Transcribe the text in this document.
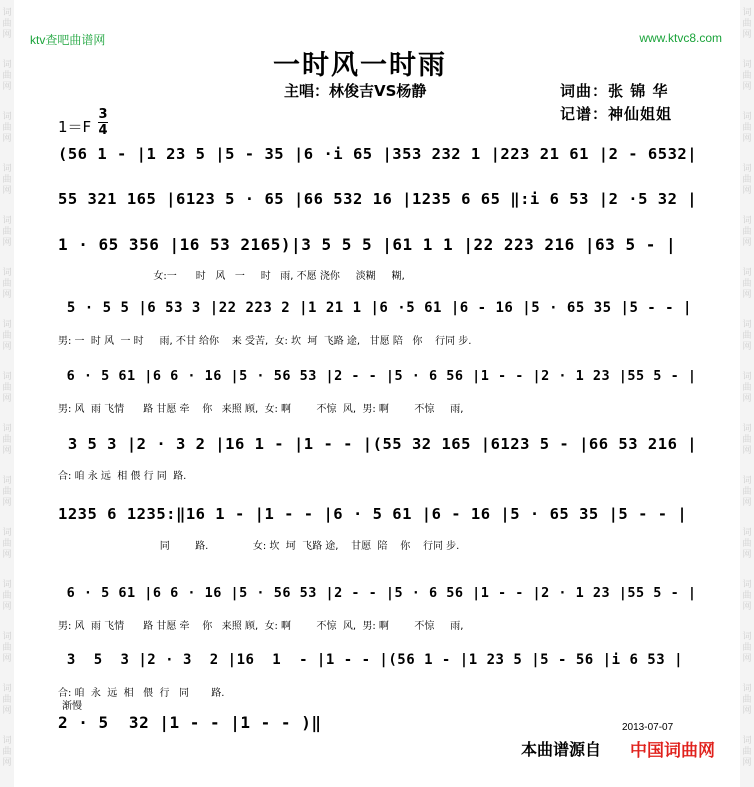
词
曲
网
词
曲
网
词
曲
网
词
曲
网
词
曲
网
词
曲
网
词
曲
网
词
曲
网
词
曲
网
词
曲
网
词
曲
网
词
曲
网
词
曲
网
词
曲
网
词
曲
网
词
曲
网
词
曲
网
词
曲
网
词
曲
网
词
曲
网
词
曲
网
词
曲
网
词
曲
网
词
曲
网
词
曲
网
词
曲
网
词
曲
网
词
曲
网
词
曲
网
词
曲
网
ktv查吧曲谱网	www.ktvc8.com
一时风一时雨
主唱：林俊吉VS杨静	词曲：张 锦 华
记谱：神仙姐姐
1＝F
3
4
(56 1 - |1 23 5 |5 - 35 |6 ·i 65 |353 232 1 |223 21 61 |2 - 6532|
55 321 165 |6123 5 · 65 |66 532 16 |1235 6 65 ‖:i 6 53 |2 ·5 32 |
1 · 65 356 |16 53 2165)|3 5 5 5 |61 1 1 |22 223 216 |63 5 - |
女:一      时   风   一     时   雨, 不愿 浇你     淡糊     糊,
5 · 5 5 |6 53 3 |22 223 2 |1 21 1 |6 ·5 61 |6 - 16 |5 · 65 35 |5 - - |
男: 一  时 风  一 时     雨, 不甘 给你    来 受苦,  女: 坎  坷  飞路 途,   甘愿 陪   你    行同 步.
6 · 5 61 |6 6 · 16 |5 · 56 53 |2 - - |5 · 6 56 |1 - - |2 · 1 23 |55 5 - |
男: 风  雨 飞情      路 甘愿 牵    你   来照 顾,  女: 啊        不惊  风,  男: 啊        不惊     雨,
3 5 3 |2 · 3 2 |16 1 - |1 - - |(55 32 165 |6123 5 - |66 53 216 |
合: 咱 永 远  相 偎 行 同  路.
1235 6 1235:‖16 1 - |1 - - |6 · 5 61 |6 - 16 |5 · 65 35 |5 - - |
同        路.              女: 坎  坷  飞路 途,    甘愿  陪    你    行同 步.
6 · 5 61 |6 6 · 16 |5 · 56 53 |2 - - |5 · 6 56 |1 - - |2 · 1 23 |55 5 - |
男: 风  雨 飞情      路 甘愿 牵    你   来照 顾,  女: 啊        不惊  风,  男: 啊        不惊     雨,
3  5  3 |2 · 3  2 |16  1  - |1 - - |(56 1 - |1 23 5 |5 - 56 |i 6 53 |
合: 咱  永  远  相   偎  行   同       路.
2 · 5  32 |1 - - |1 - - )‖
渐慢
2013-07-07
本曲谱源自 中国词曲网
